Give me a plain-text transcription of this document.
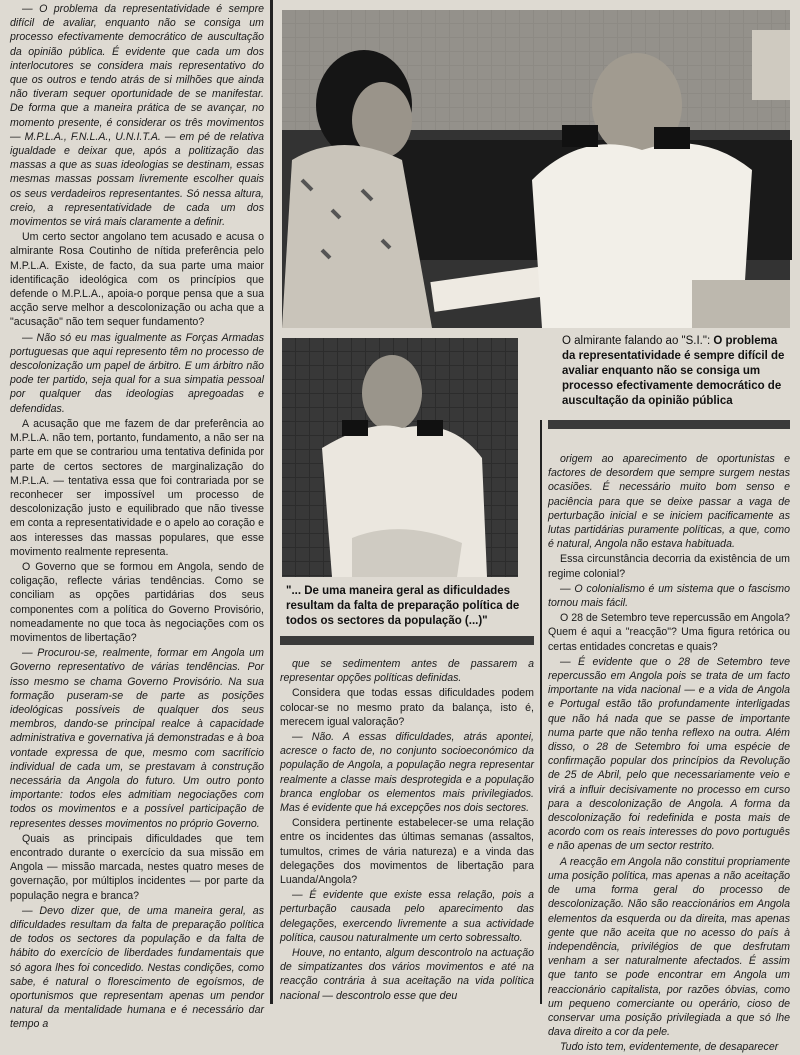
— O problema da representatividade é sempre difícil de avaliar, enquanto não se consiga um processo efectivamente democrático de auscultação da opinião pública. É evidente que cada um dos interlocutores se considera mais representativo do que os outros e tendo atrás de si milhões que ainda não tiveram sequer oportunidade de se manifestar. De forma que a maneira prática de se avançar, no momento presente, é considerar os três movimentos — M.P.L.A., F.N.L.A., U.N.I.T.A. — em pé de relativa igualdade e deixar que, após a politização das massas a que as suas ideologias se destinam, essas mesmas massas possam livremente escolher quais os seus verdadeiros representantes. Só nessa altura, creio, a representatividade de cada um dos movimentos se virá mais claramente a definir.

Um certo sector angolano tem acusado e acusa o almirante Rosa Coutinho de nítida preferência pelo M.P.L.A. Existe, de facto, da sua parte uma maior identificação ideológica com os princípios que defende o M.P.L.A., apoia-o porque pensa que a sua acção serve melhor a descolonização ou acha que a "acusação" não tem sequer fundamento?

— Não só eu mas igualmente as Forças Armadas portuguesas que aqui represento têm no processo de descolonização um papel de árbitro. E um árbitro não pode ter partido, seja qual for a sua simpatia pessoal por qualquer das ideologias apregoadas e defendidas.

A acusação que me fazem de dar preferência ao M.P.L.A. não tem, portanto, fundamento, a não ser na parte em que se contrariou uma tentativa definida por parte de certos sectores de marginalização do M.P.L.A. — tentativa essa que foi contrariada por se reconhecer ser impossível um processo de descolonização justo e equilibrado que não tivesse em conta a representatividade e o apelo ao coração e aos interesses das massas populares, que esse movimento realmente representa.

O Governo que se formou em Angola, sendo de coligação, reflecte várias tendências. Como se conciliam as opções partidárias dos seus componentes com a política do Governo Provisório, nomeadamente no que toca às negociações com os movimentos de libertação?

— Procurou-se, realmente, formar em Angola um Governo representativo de várias tendências. Por isso mesmo se chama Governo Provisório. Na sua formação puseram-se de parte as posições ideológicas possíveis de qualquer dos seus membros, dando-se principal realce à capacidade administrativa e governativa já demonstradas e à boa vontade expressa de que, mesmo com sacrifício individual de cada um, se prestavam à construção necessária da Angola do futuro. Um outro ponto importante: todos eles admitiam negociações com todos os movimentos e a possível participação de representes desses movimentos no próprio Governo.

Quais as principais dificuldades que tem encontrado durante o exercício da sua missão em Angola — missão marcada, nestes quatro meses de governação, por múltiplos incidentes — por parte da população negra e branca?

— Devo dizer que, de uma maneira geral, as dificuldades resultam da falta de preparação política de todos os sectores da população e da falta de hábito do exercício de liberdades fundamentais que só agora lhes foi concedido. Nestas condições, como sabe, é natural o florescimento de egoísmos, de oportunismos que representam apenas um pendor natural da mentalidade humana e é necessário dar tempo a

O almirante falando ao "S.I.": O problema da representatividade é sempre difícil de avaliar enquanto não se consiga um processo efectivamente democrático de auscultação da opinião pública
"... De uma maneira geral as dificuldades resultam da falta de preparação política de todos os sectores da população (...)"

que se sedimentem antes de passarem a representar opções políticas definidas.

Considera que todas essas dificuldades podem colocar-se no mesmo prato da balança, isto é, merecem igual valoração?

— Não. A essas dificuldades, atrás apontei, acresce o facto de, no conjunto socioeconómico da população de Angola, a população negra representar realmente a classe mais desprotegida e a população branca englobar os elementos mais privilegiados. Mas é evidente que há excepções nos dois sectores.

Considera pertinente estabelecer-se uma relação entre os incidentes das últimas semanas (assaltos, tumultos, crimes de vária natureza) e a vinda das delegações dos movimentos de libertação para Luanda/Angola?

— É evidente que existe essa relação, pois a perturbação causada pelo aparecimento das delegações, exercendo livremente a sua actividade política, causou naturalmente um certo sobressalto.

Houve, no entanto, algum descontrolo na actuação de simpatizantes dos vários movimentos e até na reacção contrária à sua aceitação na vida política nacional — descontrolo esse que deu

origem ao aparecimento de oportunistas e factores de desordem que sempre surgem nestas ocasiões. É necessário muito bom senso e paciência para que se deixe passar a vaga de perturbação inicial e se iniciem pacificamente as lutas partidárias puramente políticas, a que, como é natural, Angola não estava habituada.

Essa circunstância decorria da existência de um regime colonial?

— O colonialismo é um sistema que o fascismo tornou mais fácil.

O 28 de Setembro teve repercussão em Angola? Quem é aqui a "reacção"? Uma figura retórica ou certas entidades concretas e quais?

— É evidente que o 28 de Setembro teve repercussão em Angola pois se trata de um facto importante na vida nacional — e a vida de Angola e Portugal estão tão profundamente interligadas que não há nada que se passe de importante numa parte que não tenha reflexo na outra. Além disso, o 28 de Setembro foi uma espécie de confirmação popular dos princípios da Revolução de 25 de Abril, pelo que necessariamente veio e virá a influir decisivamente no processo em curso para a descolonização de Angola. A forma da descolonização foi redefinida e posta mais de acordo com os reais interesses do povo português e não apenas de um sector restrito.

A reacção em Angola não constitui propriamente uma posição política, mas apenas a não aceitação de uma forma geral do processo de descolonização. Não são reaccionários em Angola elementos da esquerda ou da direita, mas apenas gente que não aceita que no acesso do país à independência, privilégios de que desfrutam venham a ser naturalmente afectados. É assim que tanto se pode encontrar em Angola um reaccionário capitalista, por razões óbvias, como um pequeno comerciante ou operário, cioso de conservar uma posição privilegiada a que só lhe dava direito a cor da pele.

Tudo isto tem, evidentemente, de desaparecer
